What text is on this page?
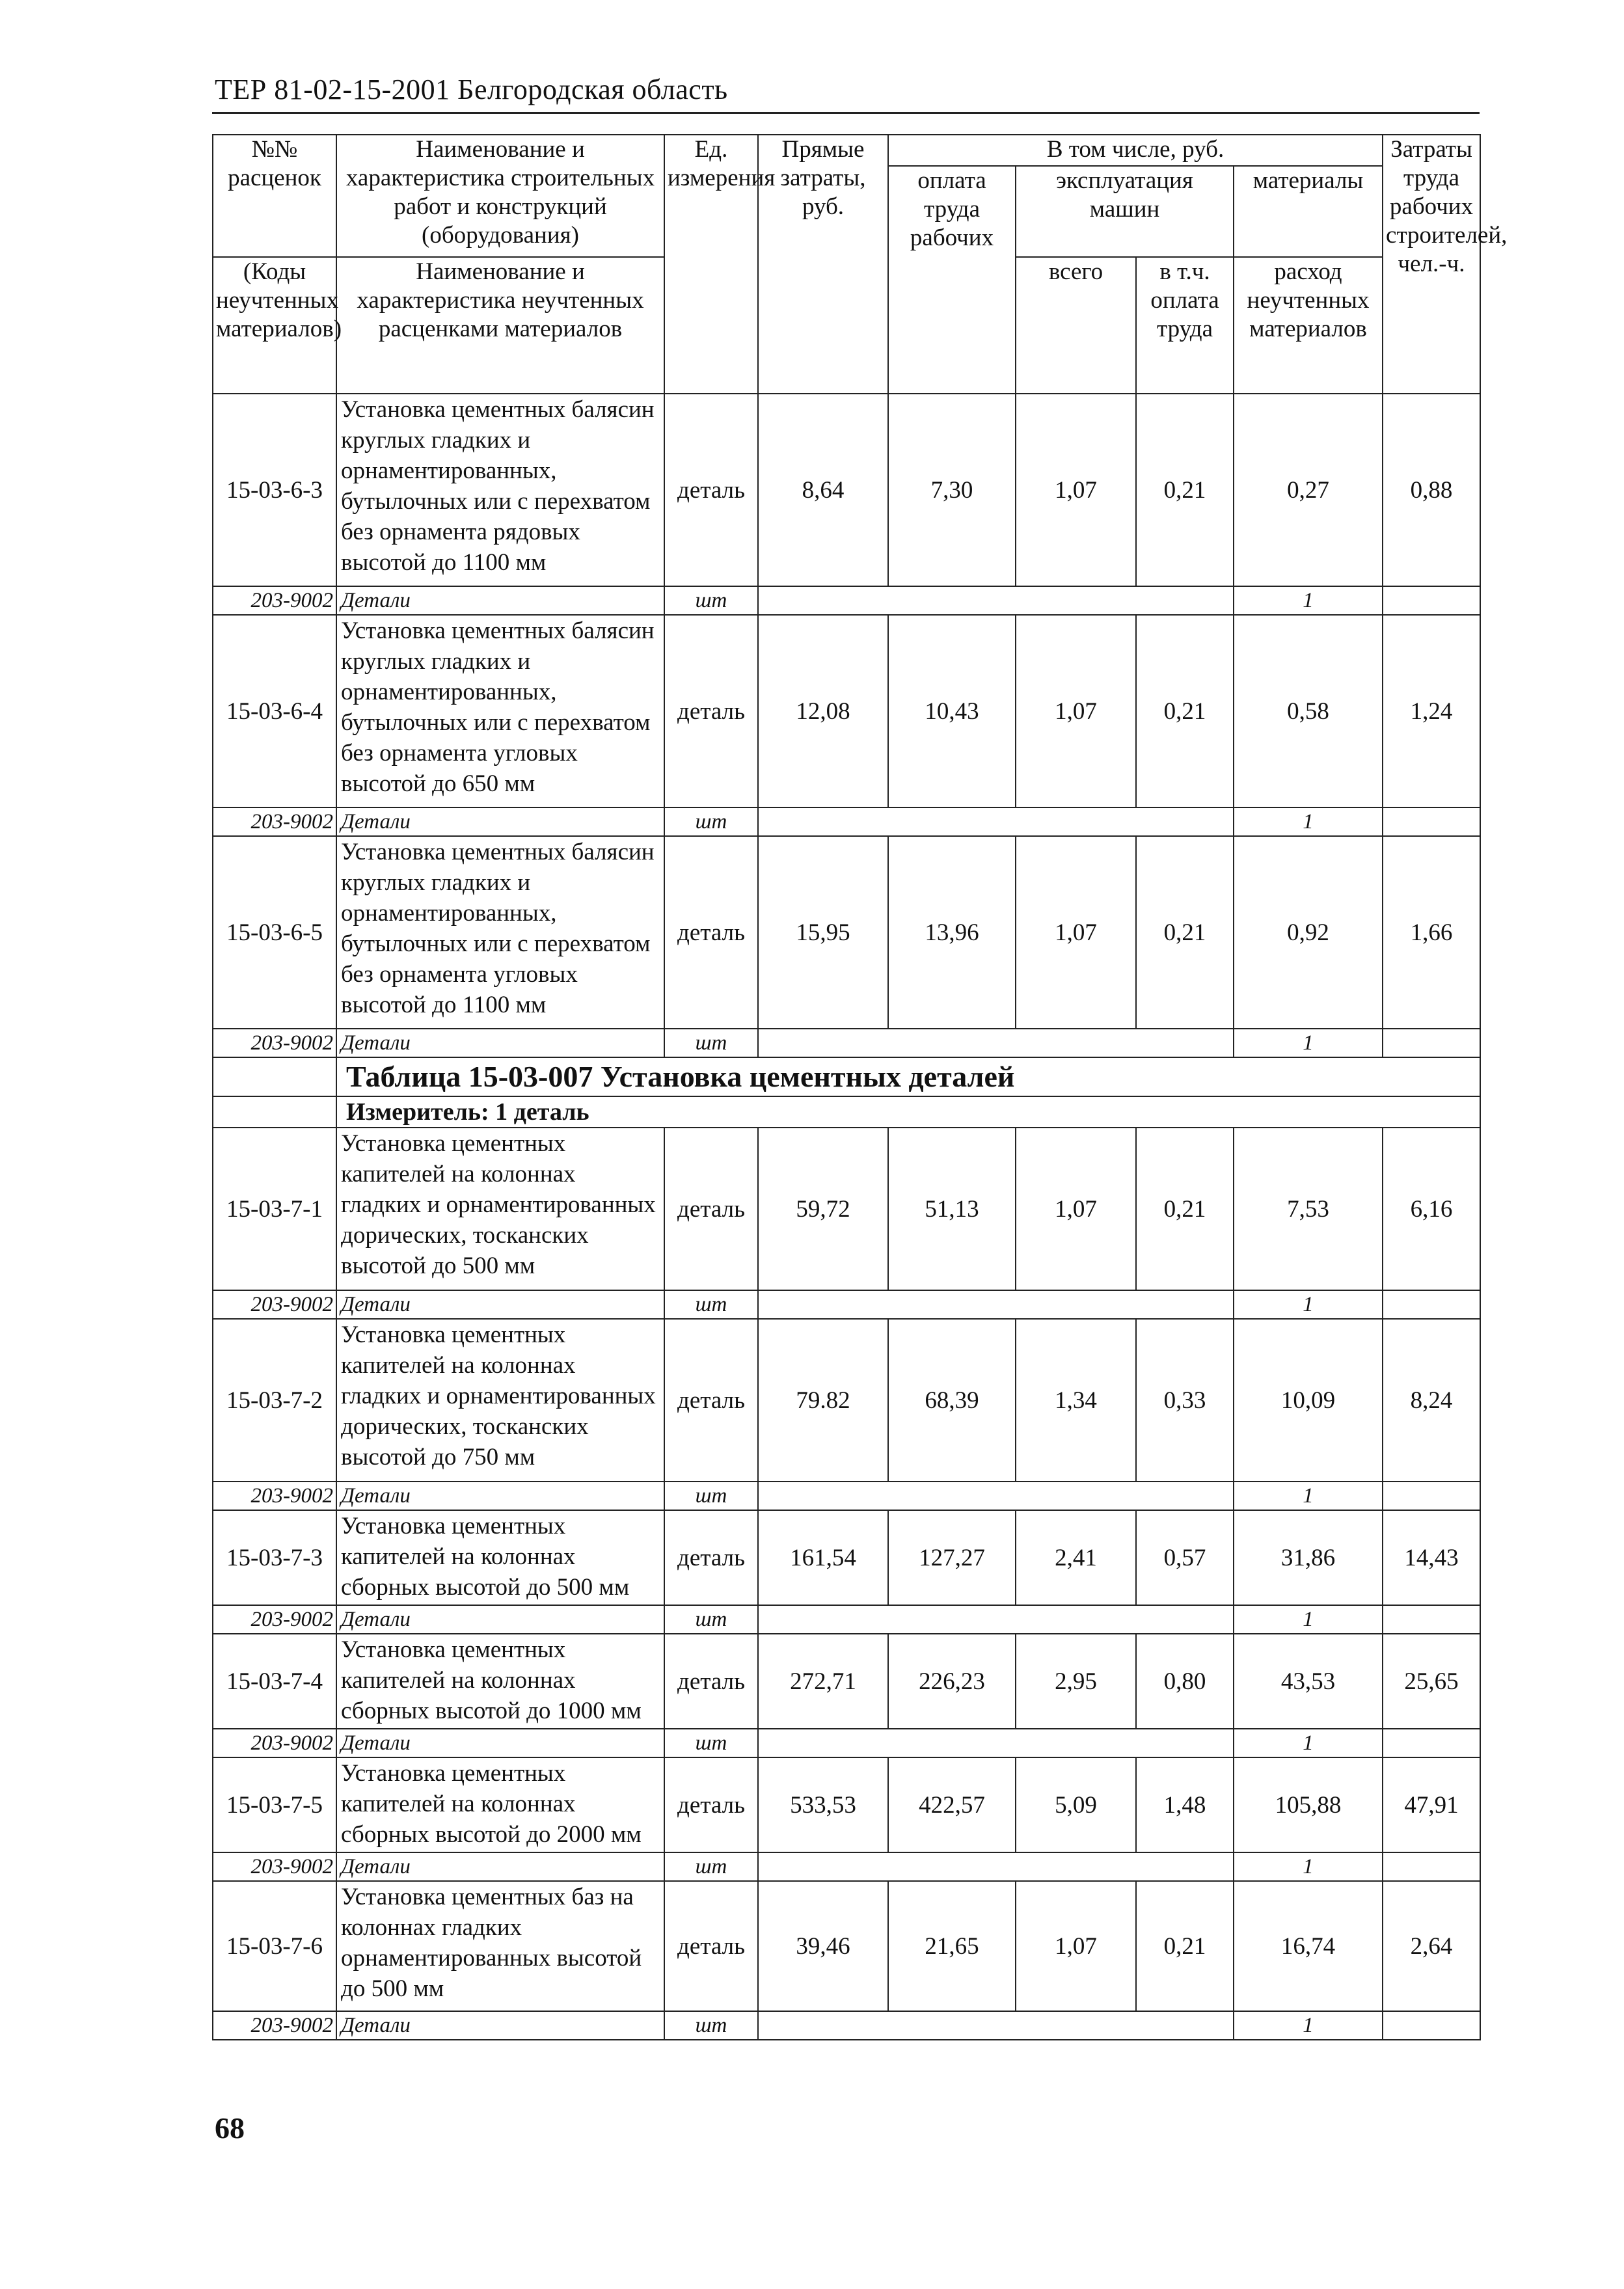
ТЕР 81-02-15-2001 Белгородская область
№№ расценок	Наименование и характеристика строительных работ и конструкций (оборудования)	Ед. измерения	Прямые затраты, руб.	В том числе, руб.				Затраты труда рабочих строителей, чел.-ч.
				оплата труда рабочих	эксплуатация машин		материалы	
(Коды неучтенных материалов)	Наименование и характеристика неучтенных расценками материалов				всего	в т.ч. оплата труда	расход неучтенных материалов	
15-03-6-3	Установка цементных балясин круглых гладких и орнаментированных, бутылочных или с перехватом без орнамента рядовых высотой до 1100 мм	деталь	8,64	7,30	1,07	0,21	0,27	0,88
203-9002	Детали	шт					1	
15-03-6-4	Установка цементных балясин круглых гладких и орнаментированных, бутылочных или с перехватом без орнамента угловых высотой до 650 мм	деталь	12,08	10,43	1,07	0,21	0,58	1,24
203-9002	Детали	шт					1	
15-03-6-5	Установка цементных балясин круглых гладких и орнаментированных, бутылочных или с перехватом без орнамента угловых высотой до 1100 мм	деталь	15,95	13,96	1,07	0,21	0,92	1,66
203-9002	Детали	шт					1	
	Таблица 15-03-007 Установка цементных деталей							
	Измеритель: 1 деталь							
15-03-7-1	Установка цементных капителей на колоннах гладких и орнаментированных дорических, тосканских высотой до 500 мм	деталь	59,72	51,13	1,07	0,21	7,53	6,16
203-9002	Детали	шт					1	
15-03-7-2	Установка цементных капителей на колоннах гладких и орнаментированных дорических, тосканских высотой до 750 мм	деталь	79.82	68,39	1,34	0,33	10,09	8,24
203-9002	Детали	шт					1	
15-03-7-3	Установка цементных капителей на колоннах сборных высотой до 500 мм	деталь	161,54	127,27	2,41	0,57	31,86	14,43
203-9002	Детали	шт					1	
15-03-7-4	Установка цементных капителей на колоннах сборных высотой до 1000 мм	деталь	272,71	226,23	2,95	0,80	43,53	25,65
203-9002	Детали	шт					1	
15-03-7-5	Установка цементных капителей на колоннах сборных высотой до 2000 мм	деталь	533,53	422,57	5,09	1,48	105,88	47,91
203-9002	Детали	шт					1	
15-03-7-6	Установка цементных баз на колоннах гладких орнаментированных высотой до 500 мм	деталь	39,46	21,65	1,07	0,21	16,74	2,64
203-9002	Детали	шт					1	
68
